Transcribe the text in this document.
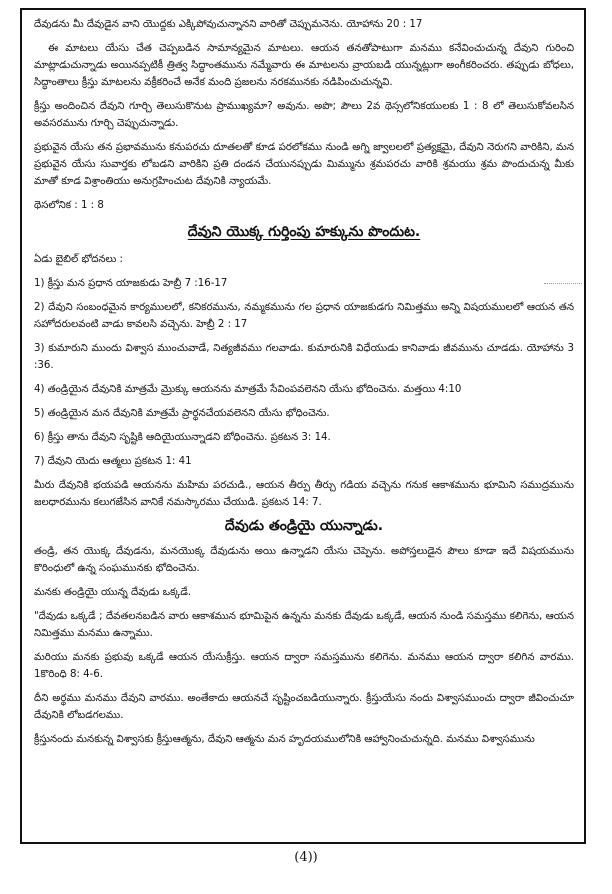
దేవుడను మీ దేవుడైన వాని యొద్దకు ఎక్కిపోవుచున్నానని వారితో చెప్పుమనెను. యోహాను 20 : 17

ఈ మాటలు యేసు చేత చెప్పబడిన సామాన్యమైన మాటలు. ఆయన తనతోపాటుగా మనము కనేవించుచున్న దేవుని గురించి మాట్లాడుచున్నాడు అయినప్పటికీ త్రిత్వ సిద్ధాంతమును నమ్మేవారు ఈ మాటలను వ్రాయబడి యున్నట్లుగా అంగీకరించరు. తప్పుడు బోధలు, సిద్ధాంతాలు క్రీస్తు మాటలను వక్రీకరించే అనేక మంది ప్రజలను నరకమునకు నడిపించుచున్నవి.

క్రీస్తు అందించిన దేవుని గూర్చి తెలుసుకొనుట ప్రాముఖ్యమా? అవును. అపొ; పౌలు 2వ థెస్సలోనికయులకు 1 : 8 లో తెలుసుకోవలసిన అవసరమును గూర్చి చెప్పుచున్నాడు.

ప్రభువైన యేసు తన ప్రభావమును కనుపరచు దూతలతో కూడ పరలోకము నుండి అగ్ని జ్వాలలలో ప్రత్యక్షమై, దేవుని నెరుగని వారికిని, మన ప్రభువైన యేసు సువార్తకు లోబడని వారికిని ప్రతి దండన చేయునప్పుడు మిమ్మును శ్రమపరచు వారికి శ్రమయు శ్రమ పొందుచున్న మీకు మాతో కూడ విశ్రాంతియు అనుగ్రహించుట దేవునికి న్యాయమే.

థెసలోనిక : 1 : 8

దేవుని యొక్క గుర్తింపు హక్కును పొందుట.

ఏడు బైబిల్ భోదనలు :

1) క్రీస్తు మన ప్రధాన యాజకుడు హెబ్రీ 7 :16-17

2) దేవుని సంబంధమైన కార్యములలో, కనికరమును, నమ్మకమును గల ప్రధాన యాజకుడగు నిమిత్తము అన్ని విషయములలో ఆయన తన సహోదరులవంటి వాడు కావలసి వచ్చెను. హెబ్రీ 2 : 17

3) కుమారుని ముందు విశ్వాస ముంచువాడే, నిత్యజీవము గలవాడు. కుమారునికి విధేయుడు కానివాడు జీవమును చూడడు. యోహాను 3 :36.

4) తండ్రియైన దేవునికి మాత్రమే మ్రొక్కు ఆయనను మాత్రమే సేవింపవలెనని యేసు భోదించెను. మత్తయి 4:10

5) తండ్రియైన మన దేవునికి మాత్రమే ప్రార్థనచేయవలెనని యేసు భోధించెను.

6) క్రీస్తు తాను దేవుని సృష్టికి ఆదియైయున్నాడని బోధించెను. ప్రకటన 3: 14.

7) దేవుని యెదు ఆత్మలు ప్రకటన 1: 41

మీరు దేవునికి భయపడి ఆయనను మహిమ పరచుడి., ఆయన తీర్పు తీర్చు గడియ వచ్చెను గనుక ఆకాశమును భూమిని సముద్రమును జలధారమును కలుగజేసిన వానికే నమస్కారము చేయుడి. ప్రకటన 14: 7.

దేవుడు తండ్రియై యున్నాడు.

తండ్రి, తన యొక్క దేవుడను, మనయొక్క దేవుడును అయి ఉన్నాడని యేసు చెప్పెను. అపోస్తలుడైన పౌలు కూడా ఇదే విషయమును కొరింధులో ఉన్న సంఘమునకు భోదించెను.

మనకు తండ్రియై యున్న దేవుడు ఒక్కడే.

"దేవుడు ఒక్కడే ; దేవతలనబడిన వారు ఆకాశమున భూమిపైన ఉన్నను మనకు దేవుడు ఒక్కడే, ఆయన నుండి సమస్తము కలిగెను, ఆయన నిమిత్తము మనము ఉన్నాము.

మరియు మనకు ప్రభువు ఒక్కడే ఆయన యేసుక్రీస్తు. ఆయన ద్వారా సమస్తమును కలిగెను. మనము ఆయన ద్వారా కలిగిన వారము. 1కొరింధి 8: 4-6.

దీని అర్థము మనము దేవుని వారము. అంతేకాదు ఆయనచే సృష్టించబడియున్నారు. క్రీస్తుయేసు నందు విశ్వాసముంచు ద్వారా జీవించుచూ దేవునికి లోబడగలము.

క్రీస్తునందు మనకున్న విశ్వాసకు క్రీస్తుఆత్మను, దేవుని ఆత్మను మన హృదయములోనికి ఆహ్వానించుచున్నది. మనము విశ్వాసమును

(4))
